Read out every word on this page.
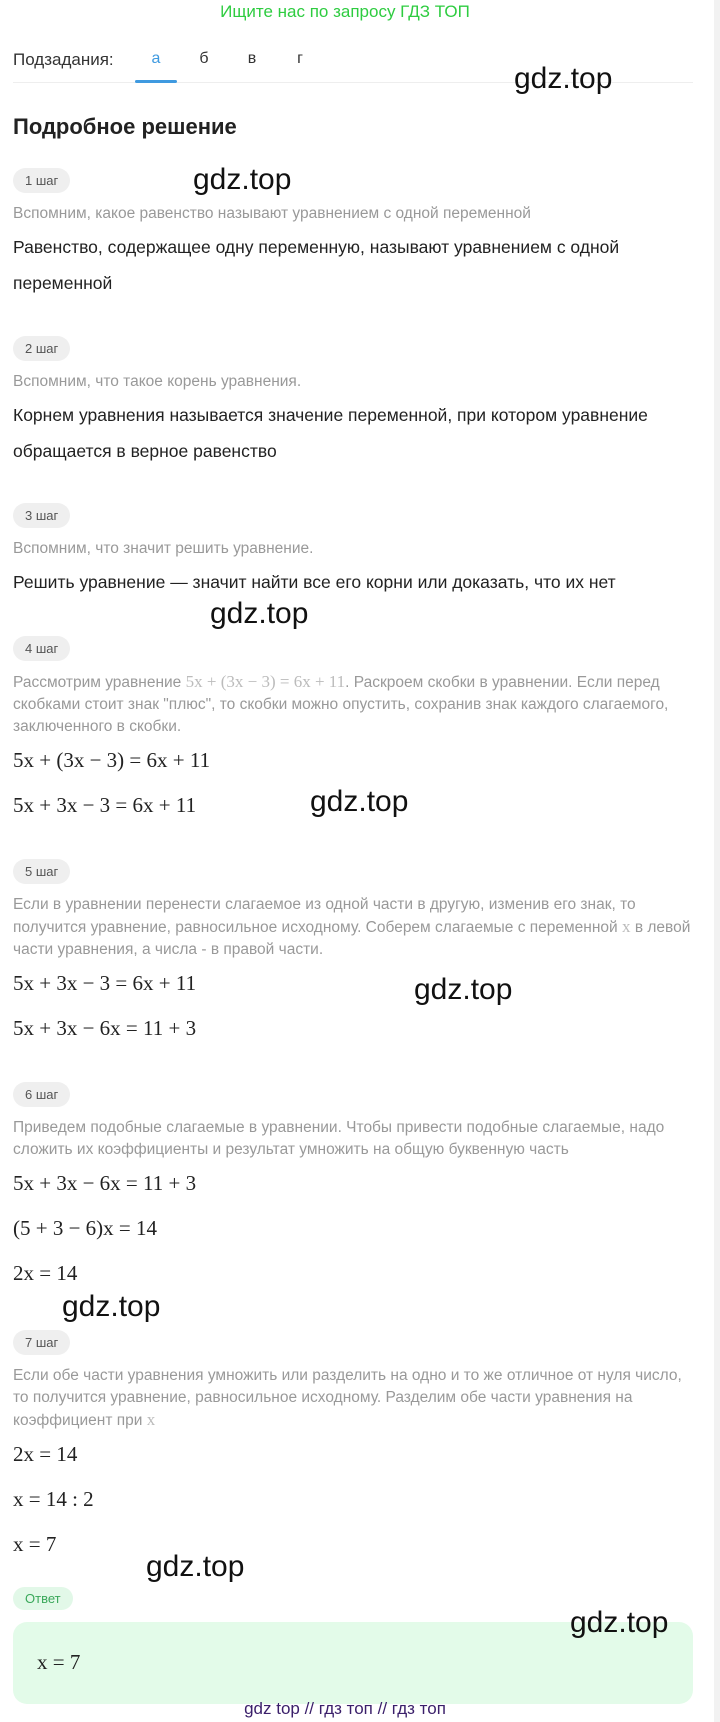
Ищите нас по запросу ГДЗ ТОП
Подзадания:	а	б	в	г
Подробное решение
1 шаг
Вспомним, какое равенство называют уравнением с одной переменной
Равенство, содержащее одну переменную, называют уравнением с одной переменной
2 шаг
Вспомним, что такое корень уравнения.
Корнем уравнения называется значение переменной, при котором уравнение обращается в верное равенство
3 шаг
Вспомним, что значит решить уравнение.
Решить уравнение — значит найти все его корни или доказать, что их нет
4 шаг
Рассмотрим уравнение 5x + (3x − 3) = 6x + 11. Раскроем скобки в уравнении. Если перед скобками стоит знак "плюс", то скобки можно опустить, сохранив знак каждого слагаемого, заключенного в скобки.
5x + (3x − 3) = 6x + 11
5x + 3x − 3 = 6x + 11
5 шаг
Если в уравнении перенести слагаемое из одной части в другую, изменив его знак, то получится уравнение, равносильное исходному. Соберем слагаемые с переменной x в левой части уравнения, а числа - в правой части.
5x + 3x − 3 = 6x + 11
5x + 3x − 6x = 11 + 3
6 шаг
Приведем подобные слагаемые в уравнении. Чтобы привести подобные слагаемые, надо сложить их коэффициенты и результат умножить на общую буквенную часть
5x + 3x − 6x = 11 + 3
(5 + 3 − 6)x = 14
2x = 14
7 шаг
Если обе части уравнения умножить или разделить на одно и то же отличное от нуля число, то получится уравнение, равносильное исходному. Разделим обе части уравнения на коэффициент при x
2x = 14
x = 14 : 2
x = 7
Ответ
x = 7
gdz.top
gdz.top
gdz.top
gdz.top
gdz.top
gdz.top
gdz.top
gdz.top
gdz top // гдз топ // гдз топ
